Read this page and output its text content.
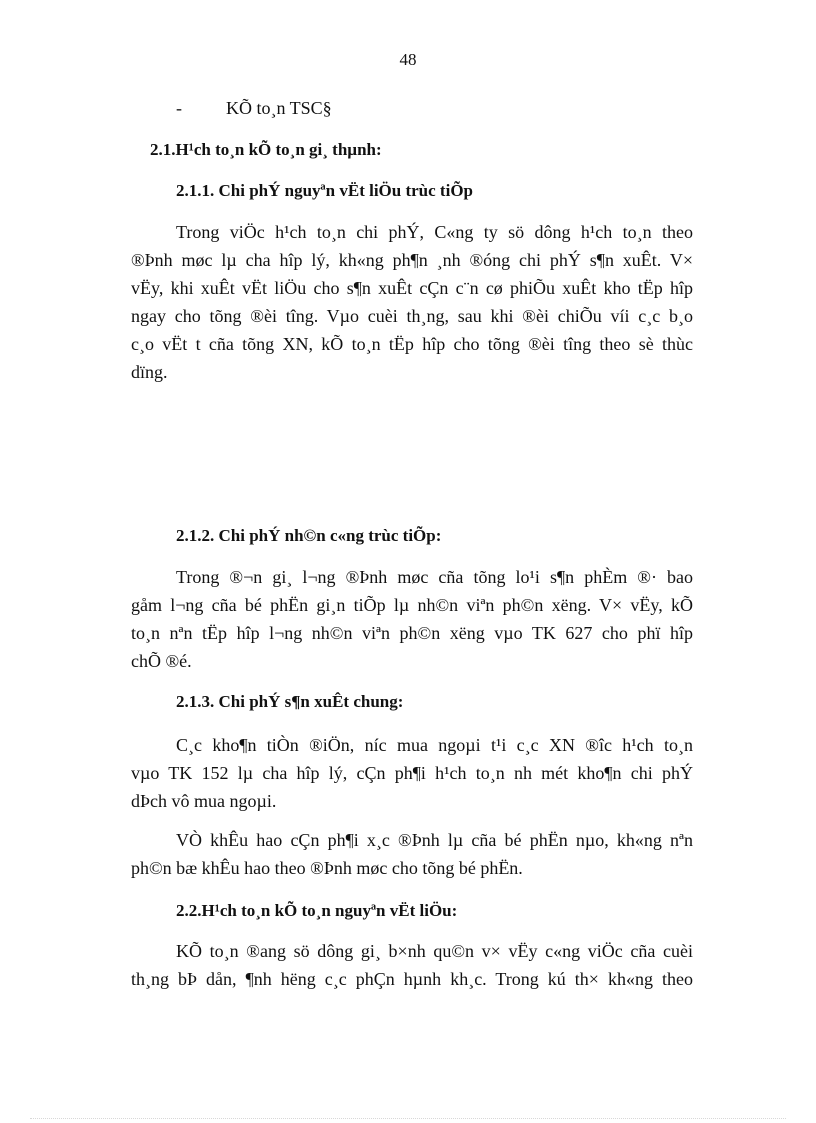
48
- KÕ to¸n TSC§
2.1.H¹ch to¸n kÕ to¸n gi¸ thµnh:
2.1.1. Chi phÝ nguyªn vËt liÖu trùc tiÕp
Trong viÖc h¹ch to¸n chi phÝ, C«ng ty sö dông h¹ch to¸n theo
®Þnh møc lµ cha hîp lý, kh«ng ph¶n ¸nh ®óng chi phÝ s¶n xuÊt. V×
vËy, khi xuÊt vËt liÖu cho s¶n xuÊt cÇn c¨n cø phiÕu xuÊt kho tËp hîp
ngay cho tõng ®èi tîng. Vµo cuèi th¸ng, sau khi ®èi chiÕu víi c¸c b¸o
c¸o vËt t cña tõng XN, kÕ to¸n tËp hîp cho tõng ®èi tîng theo sè thùc
dïng.
2.1.2. Chi phÝ nh©n c«ng trùc tiÕp:
Trong ®¬n gi¸ l¬ng ®Þnh møc cña tõng lo¹i s¶n phÈm ®· bao
gåm l¬ng cña bé phËn gi¸n tiÕp lµ nh©n viªn ph©n xëng. V× vËy, kÕ
to¸n nªn tËp hîp l¬ng nh©n viªn ph©n xëng vµo TK 627 cho phï hîp
chÕ ®é.
2.1.3. Chi phÝ s¶n xuÊt chung:
C¸c kho¶n tiÒn ®iÖn, níc mua ngoµi t¹i c¸c XN ®îc h¹ch to¸n
vµo TK 152 lµ cha hîp lý, cÇn ph¶i h¹ch to¸n nh mét kho¶n chi phÝ
dÞch vô mua ngoµi.
VÒ khÊu hao cÇn ph¶i x¸c ®Þnh lµ cña bé phËn nµo, kh«ng nªn
ph©n bæ khÊu hao theo ®Þnh møc cho tõng bé phËn.
2.2.H¹ch to¸n kÕ to¸n nguyªn vËt liÖu:
KÕ to¸n ®ang sö dông gi¸ b×nh qu©n v× vËy c«ng viÖc cña cuèi
th¸ng bÞ dån, ¶nh hëng c¸c phÇn hµnh kh¸c. Trong kú th× kh«ng theo
